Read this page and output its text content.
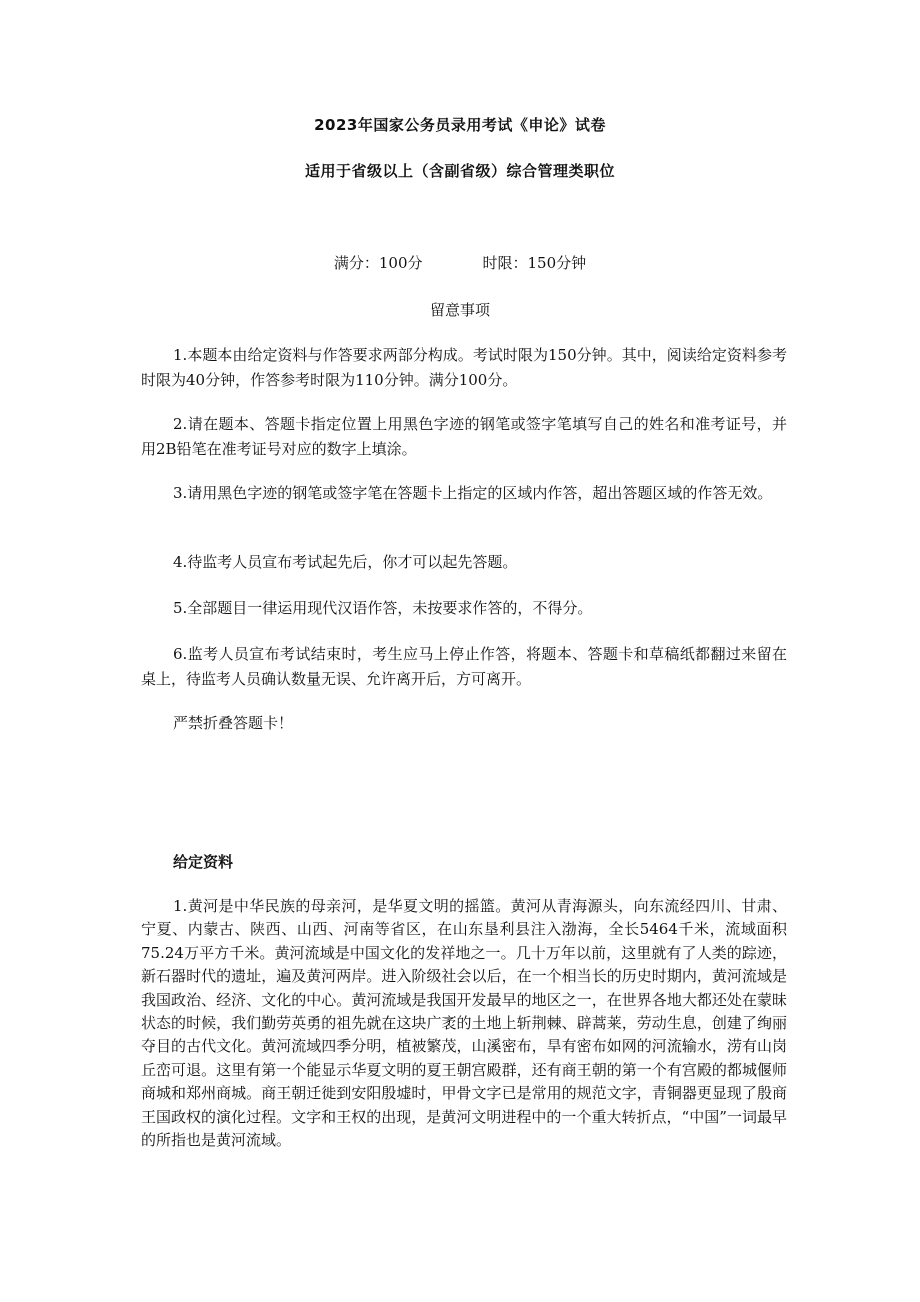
2023年国家公务员录用考试《申论》试卷
适用于省级以上（含副省级）综合管理类职位
满分：100分	时限：150分钟
留意事项

1.本题本由给定资料与作答要求两部分构成。考试时限为150分钟。其中，阅读给定资料参考时限为40分钟，作答参考时限为110分钟。满分100分。

2.请在题本、答题卡指定位置上用黑色字迹的钢笔或签字笔填写自己的姓名和准考证号，并用2B铅笔在准考证号对应的数字上填涂。

3.请用黑色字迹的钢笔或签字笔在答题卡上指定的区域内作答，超出答题区域的作答无效。

4.待监考人员宣布考试起先后，你才可以起先答题。

5.全部题目一律运用现代汉语作答，未按要求作答的，不得分。

6.监考人员宣布考试结束时，考生应马上停止作答，将题本、答题卡和草稿纸都翻过来留在桌上，待监考人员确认数量无误、允许离开后，方可离开。

严禁折叠答题卡！

给定资料

1.黄河是中华民族的母亲河，是华夏文明的摇篮。黄河从青海源头，向东流经四川、甘肃、宁夏、内蒙古、陕西、山西、河南等省区，在山东垦利县注入渤海，全长5464千米，流域面积75.24万平方千米。黄河流域是中国文化的发祥地之一。几十万年以前，这里就有了人类的踪迹，新石器时代的遗址，遍及黄河两岸。进入阶级社会以后，在一个相当长的历史时期内，黄河流域是我国政治、经济、文化的中心。黄河流域是我国开发最早的地区之一，在世界各地大都还处在蒙昧状态的时候，我们勤劳英勇的祖先就在这块广袤的土地上斩荆棘、辟蒿莱，劳动生息，创建了绚丽夺目的古代文化。黄河流域四季分明，植被繁茂，山溪密布，旱有密布如网的河流输水，涝有山岗丘峦可退。这里有第一个能显示华夏文明的夏王朝宫殿群，还有商王朝的第一个有宫殿的都城偃师商城和郑州商城。商王朝迁徙到安阳殷墟时，甲骨文字已是常用的规范文字，青铜器更显现了殷商王国政权的演化过程。文字和王权的出现，是黄河文明进程中的一个重大转折点，“中国”一词最早的所指也是黄河流域。
